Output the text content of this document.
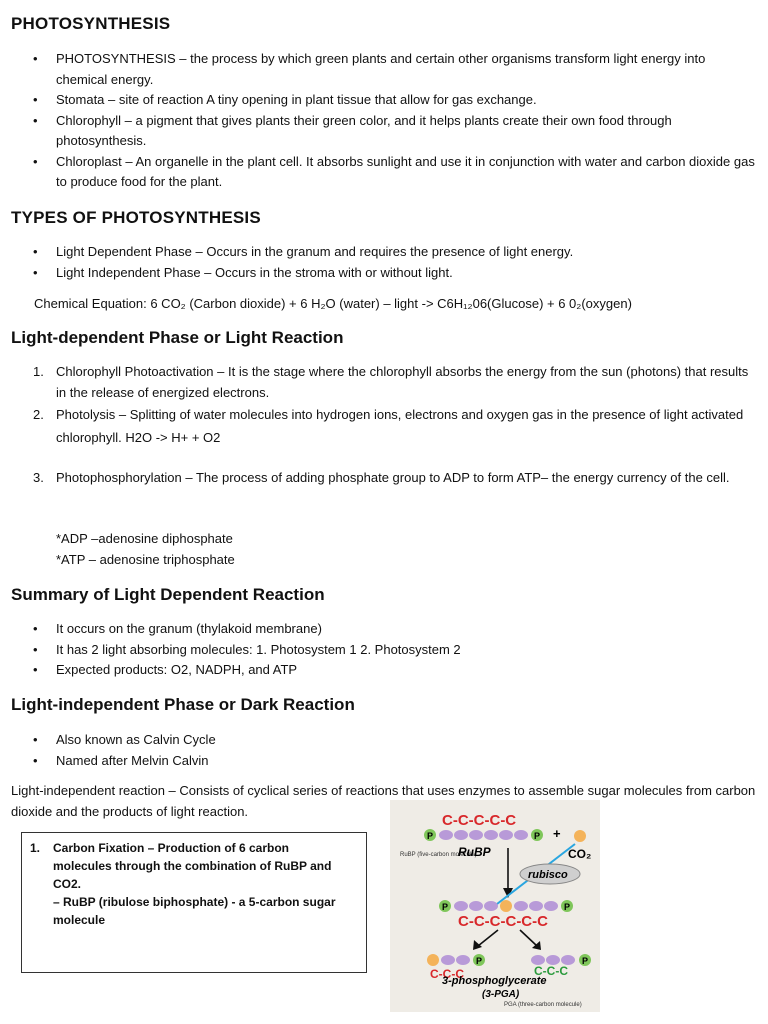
PHOTOSYNTHESIS
• PHOTOSYNTHESIS – the process by which green plants and certain other organisms transform light energy into chemical energy.
• Stomata – site of reaction A tiny opening in plant tissue that allow for gas exchange.
• Chlorophyll – a pigment that gives plants their green color, and it helps plants create their own food through photosynthesis.
• Chloroplast – An organelle in the plant cell. It absorbs sunlight and use it in conjunction with water and carbon dioxide gas to produce food for the plant.
TYPES OF PHOTOSYNTHESIS
• Light Dependent Phase – Occurs in the granum and requires the presence of light energy.
• Light Independent Phase – Occurs in the stroma with or without light.
Chemical Equation: 6 CO₂ (Carbon dioxide) + 6 H₂O (water) – light -> C6H₁₂06(Glucose) + 6 0₂(oxygen)
Light-dependent Phase or Light Reaction
1. Chlorophyll Photoactivation – It is the stage where the chlorophyll absorbs the energy from the sun (photons) that results in the release of energized electrons.
2. Photolysis – Splitting of water molecules into hydrogen ions, electrons and oxygen gas in the presence of light activated chlorophyll. H2O -> H+ + O2
3. Photophosphorylation – The process of adding phosphate group to ADP to form ATP– the energy currency of the cell.
*ADP –adenosine diphosphate
*ATP – adenosine triphosphate
Summary of Light Dependent Reaction
• It occurs on the granum (thylakoid membrane)
• It has 2 light absorbing molecules: 1. Photosystem 1 2. Photosystem 2
• Expected products: O2, NADPH, and ATP
Light-independent Phase or Dark Reaction
• Also known as Calvin Cycle
• Named after Melvin Calvin
Light-independent reaction – Consists of cyclical series of reactions that uses enzymes to assemble sugar molecules from carbon dioxide and the products of light reaction.
1. Carbon Fixation – Production of 6 carbon molecules through the combination of RuBP and CO2.
– RuBP (ribulose biphosphate) - a 5-carbon sugar molecule
C-C-C-C-C
P	P +
CO₂
RuBP (five-carbon molecule)
RuBP
rubisco
P	P
C-C-C-C-C-C
P
C-C-C
P
C-C-C
3-phosphoglycerate
(3-PGA)
PGA (three-carbon molecule)
